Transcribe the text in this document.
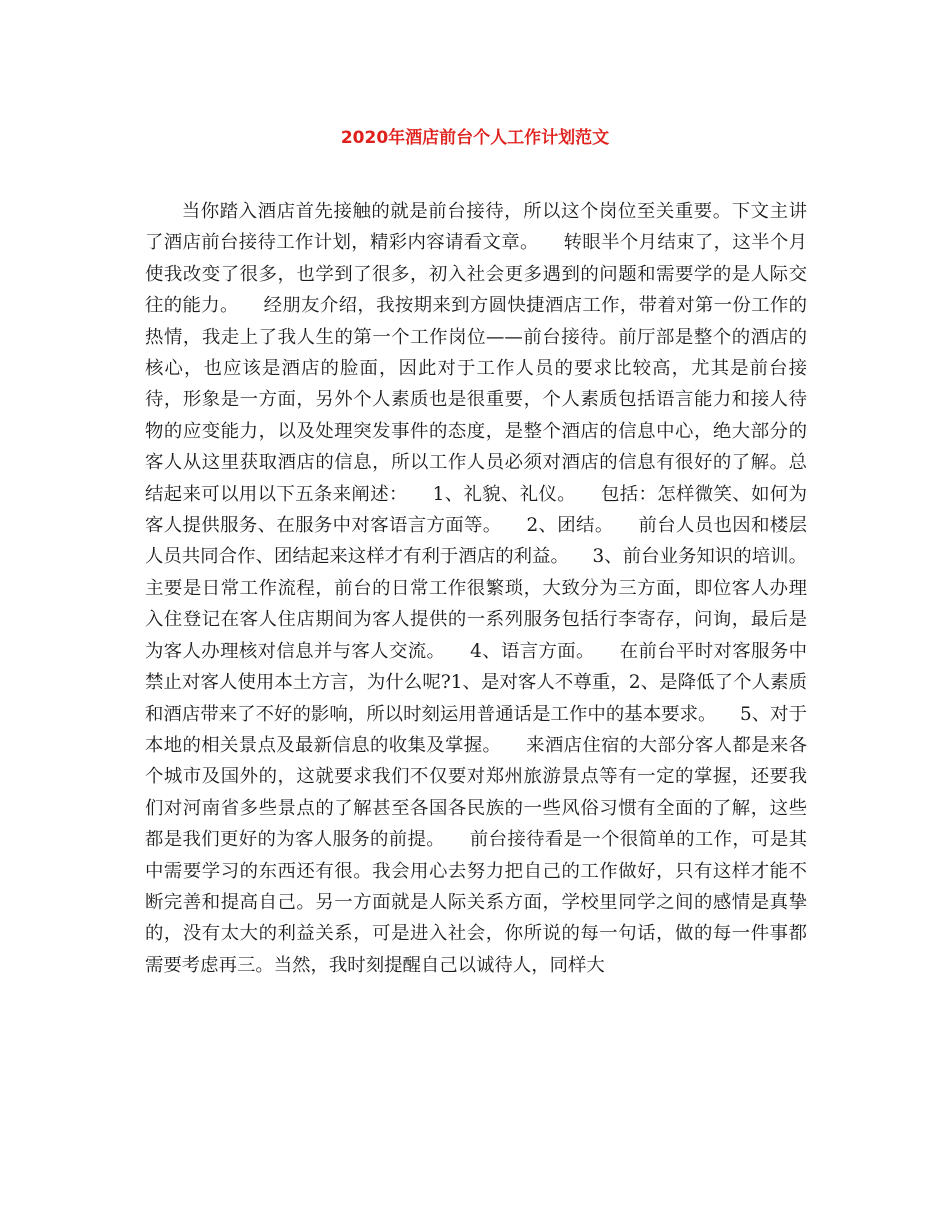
2020年酒店前台个人工作计划范文

当你踏入酒店首先接触的就是前台接待，所以这个岗位至关重要。下文主讲了酒店前台接待工作计划，精彩内容请看文章。    转眼半个月结束了，这半个月使我改变了很多，也学到了很多，初入社会更多遇到的问题和需要学的是人际交往的能力。    经朋友介绍，我按期来到方圆快捷酒店工作，带着对第一份工作的热情，我走上了我人生的第一个工作岗位——前台接待。前厅部是整个的酒店的核心，也应该是酒店的脸面，因此对于工作人员的要求比较高，尤其是前台接待，形象是一方面，另外个人素质也是很重要，个人素质包括语言能力和接人待物的应变能力，以及处理突发事件的态度，是整个酒店的信息中心，绝大部分的客人从这里获取酒店的信息，所以工作人员必须对酒店的信息有很好的了解。总结起来可以用以下五条来阐述：    1、礼貌、礼仪。    包括：怎样微笑、如何为客人提供服务、在服务中对客语言方面等。    2、团结。    前台人员也因和楼层人员共同合作、团结起来这样才有利于酒店的利益。    3、前台业务知识的培训。    主要是日常工作流程，前台的日常工作很繁琐，大致分为三方面，即位客人办理入住登记在客人住店期间为客人提供的一系列服务包括行李寄存，问询，最后是为客人办理核对信息并与客人交流。    4、语言方面。    在前台平时对客服务中禁止对客人使用本土方言，为什么呢?1、是对客人不尊重，2、是降低了个人素质和酒店带来了不好的影响，所以时刻运用普通话是工作中的基本要求。    5、对于本地的相关景点及最新信息的收集及掌握。    来酒店住宿的大部分客人都是来各个城市及国外的，这就要求我们不仅要对郑州旅游景点等有一定的掌握，还要我们对河南省多些景点的了解甚至各国各民族的一些风俗习惯有全面的了解，这些都是我们更好的为客人服务的前提。    前台接待看是一个很简单的工作，可是其中需要学习的东西还有很。我会用心去努力把自己的工作做好，只有这样才能不断完善和提高自己。另一方面就是人际关系方面，学校里同学之间的感情是真挚的，没有太大的利益关系，可是进入社会，你所说的每一句话，做的每一件事都需要考虑再三。当然，我时刻提醒自己以诚待人，同样大
